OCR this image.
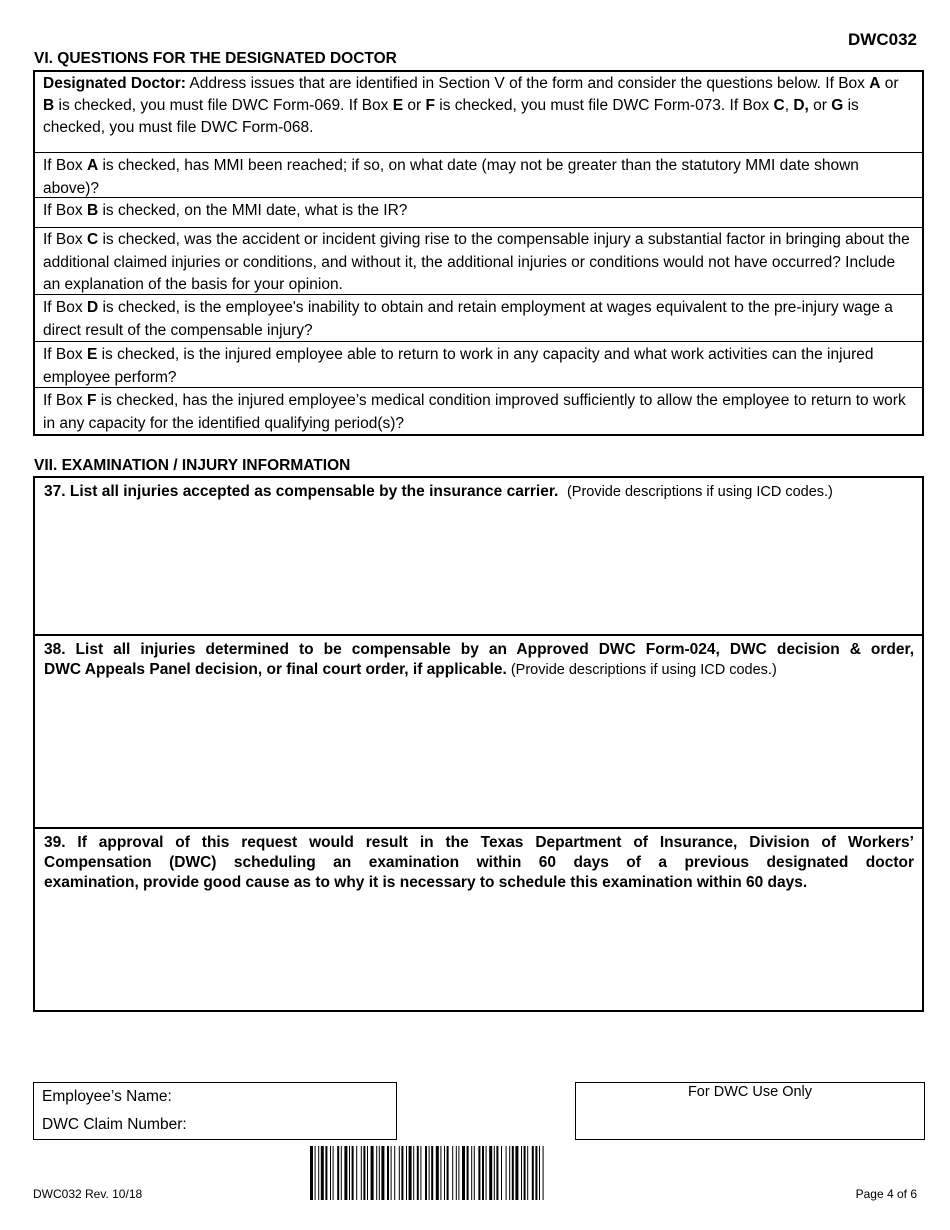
DWC032
VI. QUESTIONS FOR THE DESIGNATED DOCTOR
Designated Doctor: Address issues that are identified in Section V of the form and consider the questions below. If Box A or B is checked, you must file DWC Form-069. If Box E or F is checked, you must file DWC Form-073. If Box C, D, or G is checked, you must file DWC Form-068.
If Box A is checked, has MMI been reached; if so, on what date (may not be greater than the statutory MMI date shown above)?
If Box B is checked, on the MMI date, what is the IR?
If Box C is checked, was the accident or incident giving rise to the compensable injury a substantial factor in bringing about the additional claimed injuries or conditions, and without it, the additional injuries or conditions would not have occurred? Include an explanation of the basis for your opinion.
If Box D is checked, is the employee's inability to obtain and retain employment at wages equivalent to the pre-injury wage a direct result of the compensable injury?
If Box E is checked, is the injured employee able to return to work in any capacity and what work activities can the injured employee perform?
If Box F is checked, has the injured employee’s medical condition improved sufficiently to allow the employee to return to work in any capacity for the identified qualifying period(s)?
VII. EXAMINATION / INJURY INFORMATION
37. List all injuries accepted as compensable by the insurance carrier. (Provide descriptions if using ICD codes.)
38. List all injuries determined to be compensable by an Approved DWC Form-024, DWC decision & order,
DWC Appeals Panel decision, or final court order, if applicable. (Provide descriptions if using ICD codes.)
39. If approval of this request would result in the Texas Department of Insurance, Division of Workers’
Compensation (DWC) scheduling an examination within 60 days of a previous designated doctor
examination, provide good cause as to why it is necessary to schedule this examination within 60 days.
Employee’s Name:
DWC Claim Number:
For DWC Use Only
DWC032 Rev. 10/18	Page 4 of 6
